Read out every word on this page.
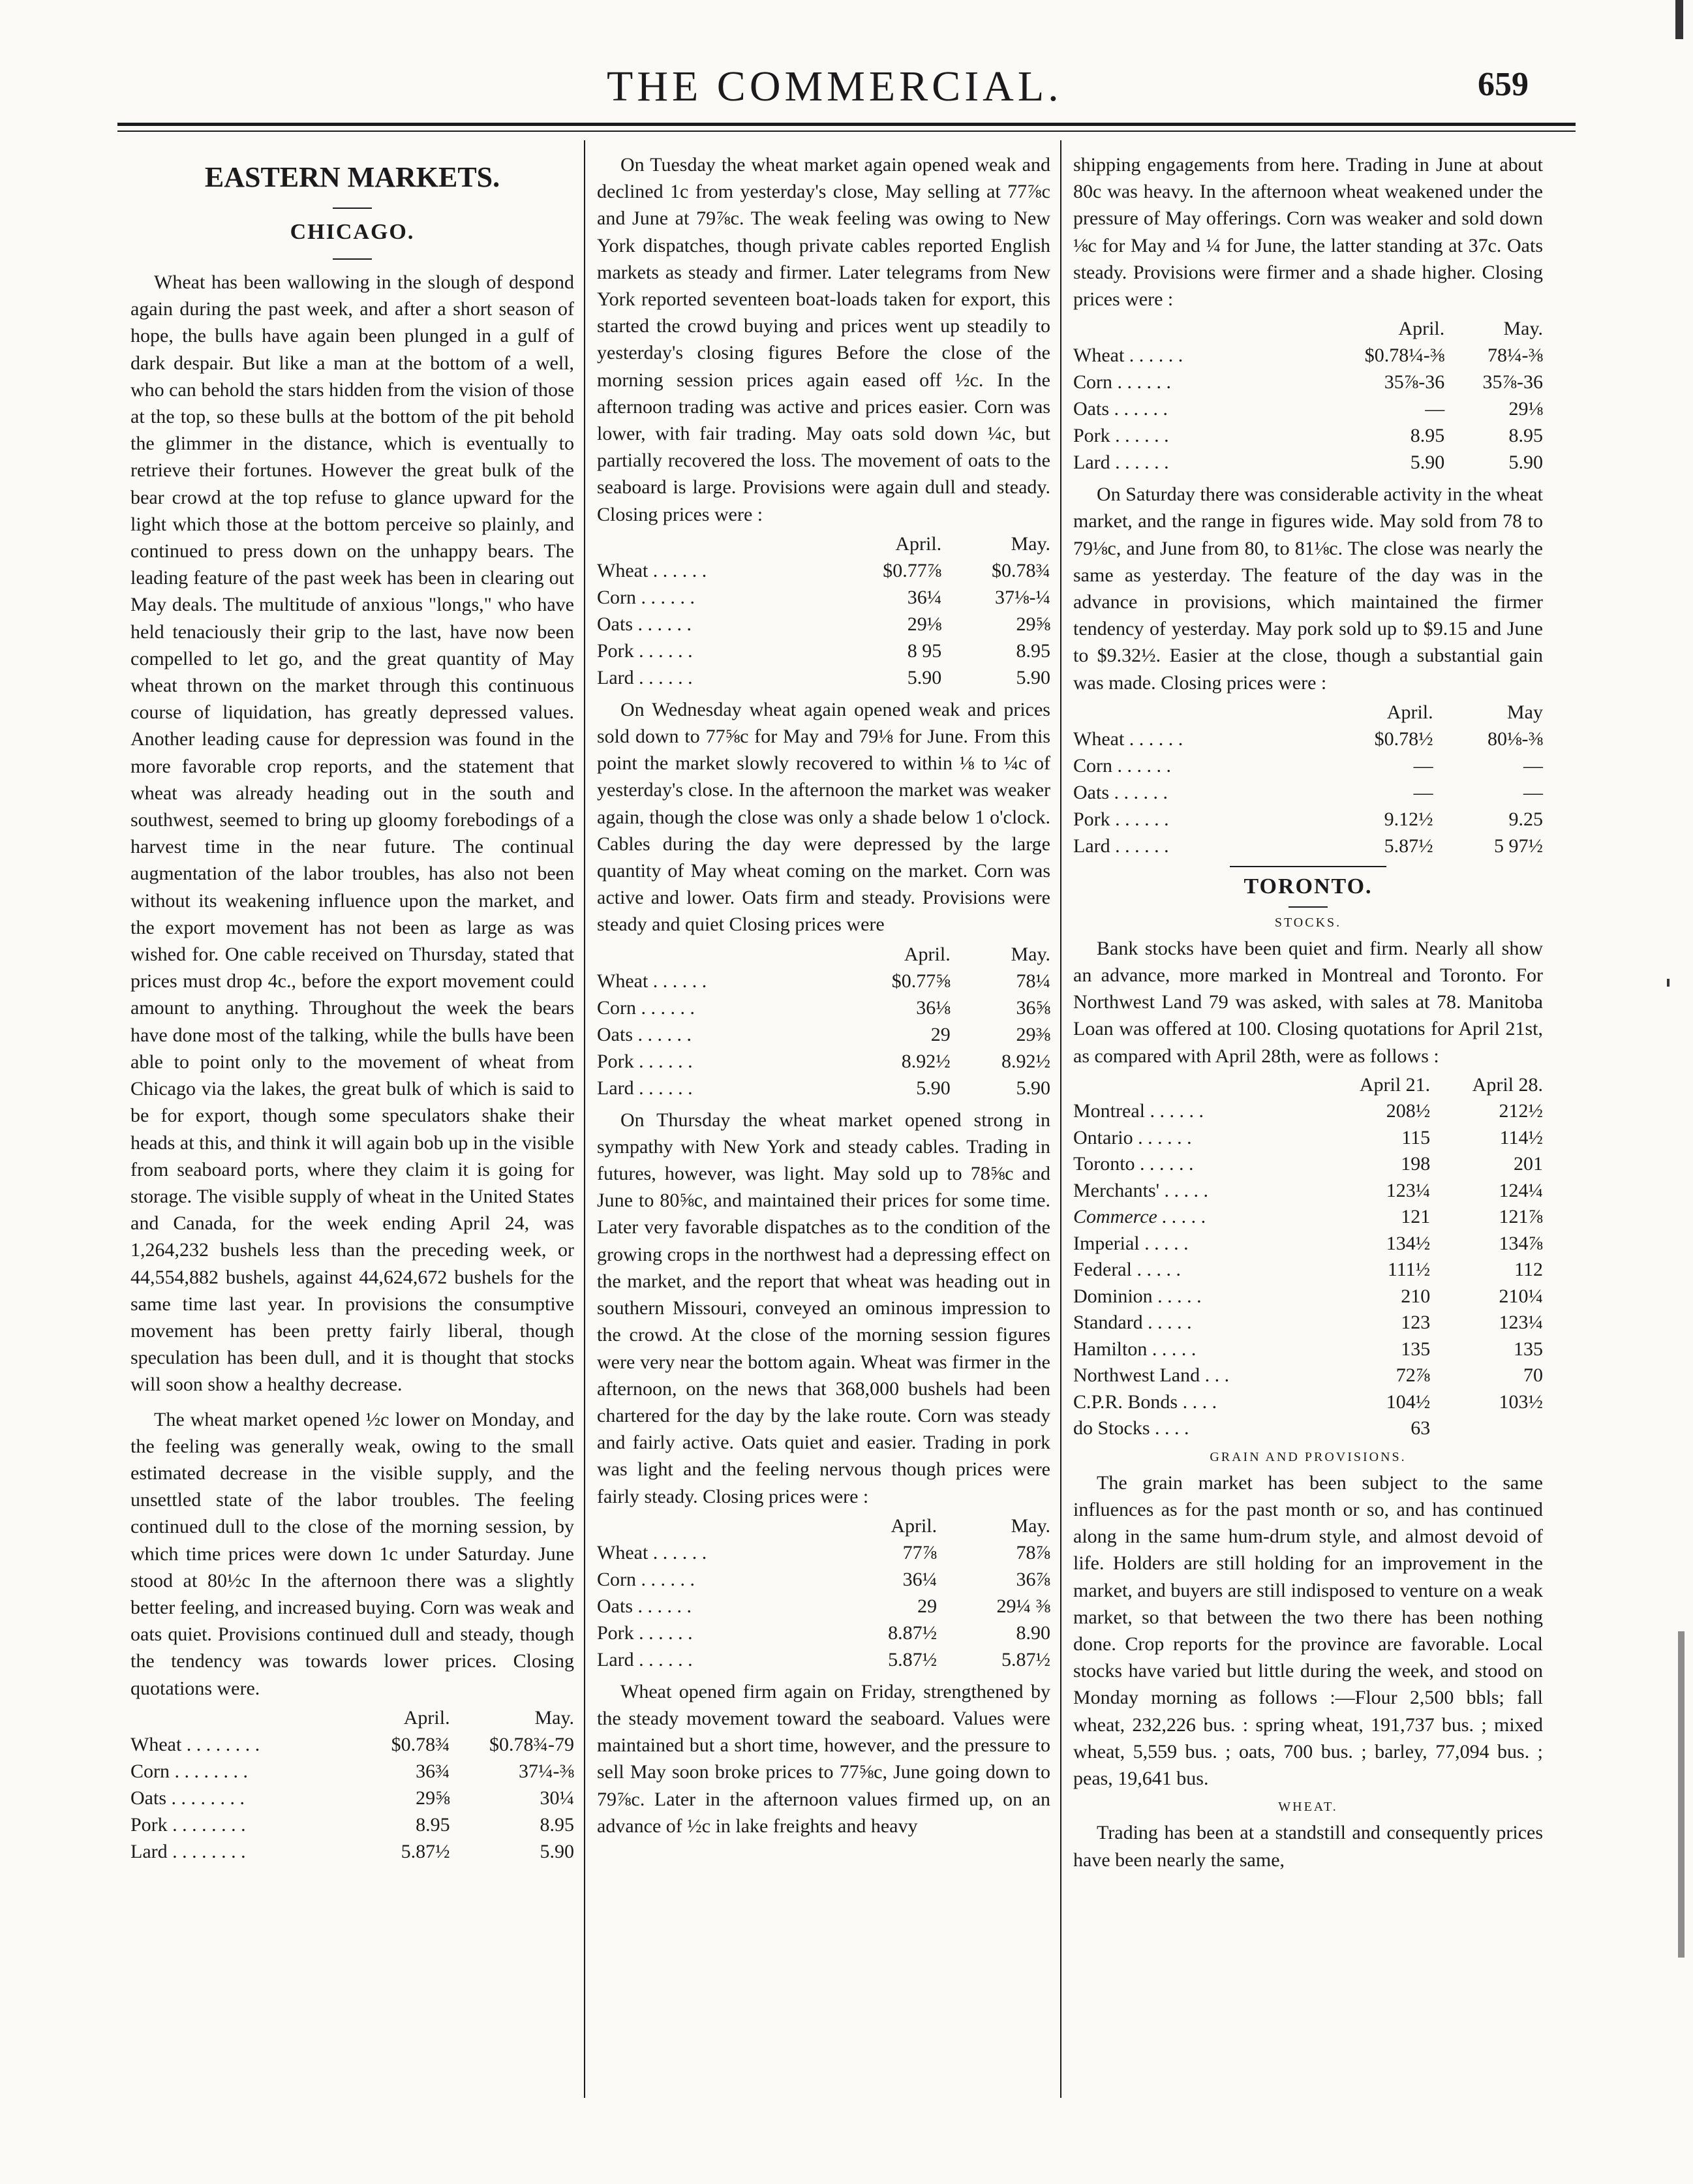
THE COMMERCIAL.	659
EASTERN MARKETS.
CHICAGO.

Wheat has been wallowing in the slough of despond again during the past week, and after a short season of hope, the bulls have again been plunged in a gulf of dark despair. But like a man at the bottom of a well, who can behold the stars hidden from the vision of those at the top, so these bulls at the bottom of the pit behold the glimmer in the distance, which is eventually to retrieve their fortunes. However the great bulk of the bear crowd at the top refuse to glance upward for the light which those at the bottom perceive so plainly, and continued to press down on the unhappy bears. The leading feature of the past week has been in clearing out May deals. The multitude of anxious "longs," who have held tenaciously their grip to the last, have now been compelled to let go, and the great quantity of May wheat thrown on the market through this continuous course of liquidation, has greatly depressed values. Another leading cause for depression was found in the more favorable crop reports, and the statement that wheat was already heading out in the south and southwest, seemed to bring up gloomy forebodings of a harvest time in the near future. The continual augmentation of the labor troubles, has also not been without its weakening influence upon the market, and the export movement has not been as large as was wished for. One cable received on Thursday, stated that prices must drop 4c., before the export movement could amount to anything. Throughout the week the bears have done most of the talking, while the bulls have been able to point only to the movement of wheat from Chicago via the lakes, the great bulk of which is said to be for export, though some speculators shake their heads at this, and think it will again bob up in the visible from seaboard ports, where they claim it is going for storage. The visible supply of wheat in the United States and Canada, for the week ending April 24, was 1,264,232 bushels less than the preceding week, or 44,554,882 bushels, against 44,624,672 bushels for the same time last year. In provisions the consumptive movement has been pretty fairly liberal, though speculation has been dull, and it is thought that stocks will soon show a healthy decrease.

The wheat market opened ½c lower on Monday, and the feeling was generally weak, owing to the small estimated decrease in the visible supply, and the unsettled state of the labor troubles. The feeling continued dull to the close of the morning session, by which time prices were down 1c under Saturday. June stood at 80½c In the afternoon there was a slightly better feeling, and increased buying. Corn was weak and oats quiet. Provisions continued dull and steady, though the tendency was towards lower prices. Closing quotations were.

	April.	May.
Wheat . . . . . . . .	$0.78¾	$0.78¾-79
Corn . . . . . . . .	36¾	37¼-⅜
Oats . . . . . . . .	29⅝	30¼
Pork . . . . . . . .	8.95	8.95
Lard . . . . . . . .	5.87½	5.90

On Tuesday the wheat market again opened weak and declined 1c from yesterday's close, May selling at 77⅞c and June at 79⅞c. The weak feeling was owing to New York dispatches, though private cables reported English markets as steady and firmer. Later telegrams from New York reported seventeen boat-loads taken for export, this started the crowd buying and prices went up steadily to yesterday's closing figures Before the close of the morning session prices again eased off ½c. In the afternoon trading was active and prices easier. Corn was lower, with fair trading. May oats sold down ¼c, but partially recovered the loss. The movement of oats to the seaboard is large. Provisions were again dull and steady. Closing prices were :

	April.	May.
Wheat . . . . . .	$0.77⅞	$0.78¾
Corn . . . . . .	36¼	37⅛-¼
Oats . . . . . .	29⅛	29⅝
Pork . . . . . .	8 95	8.95
Lard . . . . . .	5.90	5.90

On Wednesday wheat again opened weak and prices sold down to 77⅝c for May and 79⅛ for June. From this point the market slowly recovered to within ⅛ to ¼c of yesterday's close. In the afternoon the market was weaker again, though the close was only a shade below 1 o'clock. Cables during the day were depressed by the large quantity of May wheat coming on the market. Corn was active and lower. Oats firm and steady. Provisions were steady and quiet Closing prices were

	April.	May.
Wheat . . . . . .	$0.77⅝	78¼
Corn . . . . . .	36⅛	36⅝
Oats . . . . . .	29	29⅜
Pork . . . . . .	8.92½	8.92½
Lard . . . . . .	5.90	5.90

On Thursday the wheat market opened strong in sympathy with New York and steady cables. Trading in futures, however, was light. May sold up to 78⅝c and June to 80⅝c, and maintained their prices for some time. Later very favorable dispatches as to the condition of the growing crops in the northwest had a depressing effect on the market, and the report that wheat was heading out in southern Missouri, conveyed an ominous impression to the crowd. At the close of the morning session figures were very near the bottom again. Wheat was firmer in the afternoon, on the news that 368,000 bushels had been chartered for the day by the lake route. Corn was steady and fairly active. Oats quiet and easier. Trading in pork was light and the feeling nervous though prices were fairly steady. Closing prices were :

	April.	May.
Wheat . . . . . .	77⅞	78⅞
Corn . . . . . .	36¼	36⅞
Oats . . . . . .	29	29¼ ⅜
Pork . . . . . .	8.87½	8.90
Lard . . . . . .	5.87½	5.87½

Wheat opened firm again on Friday, strengthened by the steady movement toward the seaboard. Values were maintained but a short time, however, and the pressure to sell May soon broke prices to 77⅝c, June going down to 79⅞c. Later in the afternoon values firmed up, on an advance of ½c in lake freights and heavy

shipping engagements from here. Trading in June at about 80c was heavy. In the afternoon wheat weakened under the pressure of May offerings. Corn was weaker and sold down ⅛c for May and ¼ for June, the latter standing at 37c. Oats steady. Provisions were firmer and a shade higher. Closing prices were :

	April.	May.
Wheat . . . . . .	$0.78¼-⅜	78¼-⅜
Corn . . . . . .	35⅞-36	35⅞-36
Oats . . . . . .	—	29⅛
Pork . . . . . .	8.95	8.95
Lard . . . . . .	5.90	5.90

On Saturday there was considerable activity in the wheat market, and the range in figures wide. May sold from 78 to 79⅛c, and June from 80, to 81⅛c. The close was nearly the same as yesterday. The feature of the day was in the advance in provisions, which maintained the firmer tendency of yesterday. May pork sold up to $9.15 and June to $9.32½. Easier at the close, though a substantial gain was made. Closing prices were :

	April.	May
Wheat . . . . . .	$0.78½	80⅛-⅜
Corn . . . . . .	—	—
Oats . . . . . .	—	—
Pork . . . . . .	9.12½	9.25
Lard . . . . . .	5.87½	5 97½
TORONTO.
STOCKS.

Bank stocks have been quiet and firm. Nearly all show an advance, more marked in Montreal and Toronto. For Northwest Land 79 was asked, with sales at 78. Manitoba Loan was offered at 100. Closing quotations for April 21st, as compared with April 28th, were as follows :

	April 21.	April 28.
Montreal . . . . . .	208½	212½
Ontario . . . . . .	115	114½
Toronto . . . . . .	198	201
Merchants' . . . . .	123¼	124¼
Commerce . . . . .	121	121⅞
Imperial . . . . .	134½	134⅞
Federal . . . . .	111½	112
Dominion . . . . .	210	210¼
Standard . . . . .	123	123¼
Hamilton . . . . .	135	135
Northwest Land . . .	72⅞	70
C.P.R. Bonds . . . .	104½	103½
do Stocks . . . .	63	
GRAIN AND PROVISIONS.

The grain market has been subject to the same influences as for the past month or so, and has continued along in the same hum-drum style, and almost devoid of life. Holders are still holding for an improvement in the market, and buyers are still indisposed to venture on a weak market, so that between the two there has been nothing done. Crop reports for the province are favorable. Local stocks have varied but little during the week, and stood on Monday morning as follows :—Flour 2,500 bbls; fall wheat, 232,226 bus. : spring wheat, 191,737 bus. ; mixed wheat, 5,559 bus. ; oats, 700 bus. ; barley, 77,094 bus. ; peas, 19,641 bus.

WHEAT.

Trading has been at a standstill and consequently prices have been nearly the same,
